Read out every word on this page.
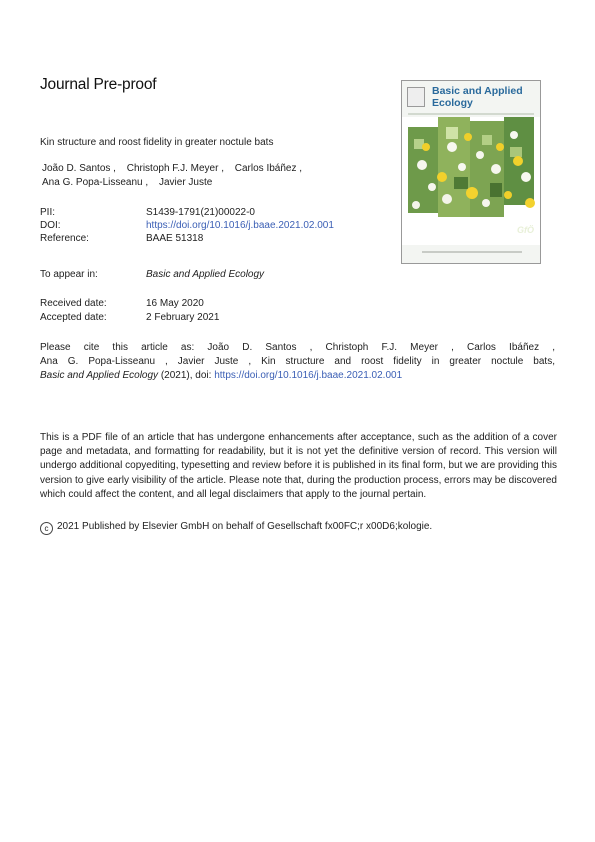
Journal Pre-proof	Basic and Applied Ecology
GfÖ
Kin structure and roost fidelity in greater noctule bats
João D. Santos , Christoph F.J. Meyer , Carlos Ibáñez ,
Ana G. Popa-Lisseanu , Javier Juste
PII:	S1439-1791(21)00022-0
DOI:	https://doi.org/10.1016/j.baae.2021.02.001
Reference:	BAAE 51318
To appear in:	Basic and Applied Ecology
Received date:	16 May 2020
Accepted date:	2 February 2021
Please cite this article as: João D. Santos , Christoph F.J. Meyer , Carlos Ibáñez ,
Ana G. Popa-Lisseanu , Javier Juste , Kin structure and roost fidelity in greater noctule bats,
Basic and Applied Ecology (2021), doi: https://doi.org/10.1016/j.baae.2021.02.001
This is a PDF file of an article that has undergone enhancements after acceptance, such as the addition of a cover page and metadata, and formatting for readability, but it is not yet the definitive version of record. This version will undergo additional copyediting, typesetting and review before it is published in its final form, but we are providing this version to give early visibility of the article. Please note that, during the production process, errors may be discovered which could affect the content, and all legal disclaimers that apply to the journal pertain.
c 2021 Published by Elsevier GmbH on behalf of Gesellschaft fx00FC;r x00D6;kologie.
